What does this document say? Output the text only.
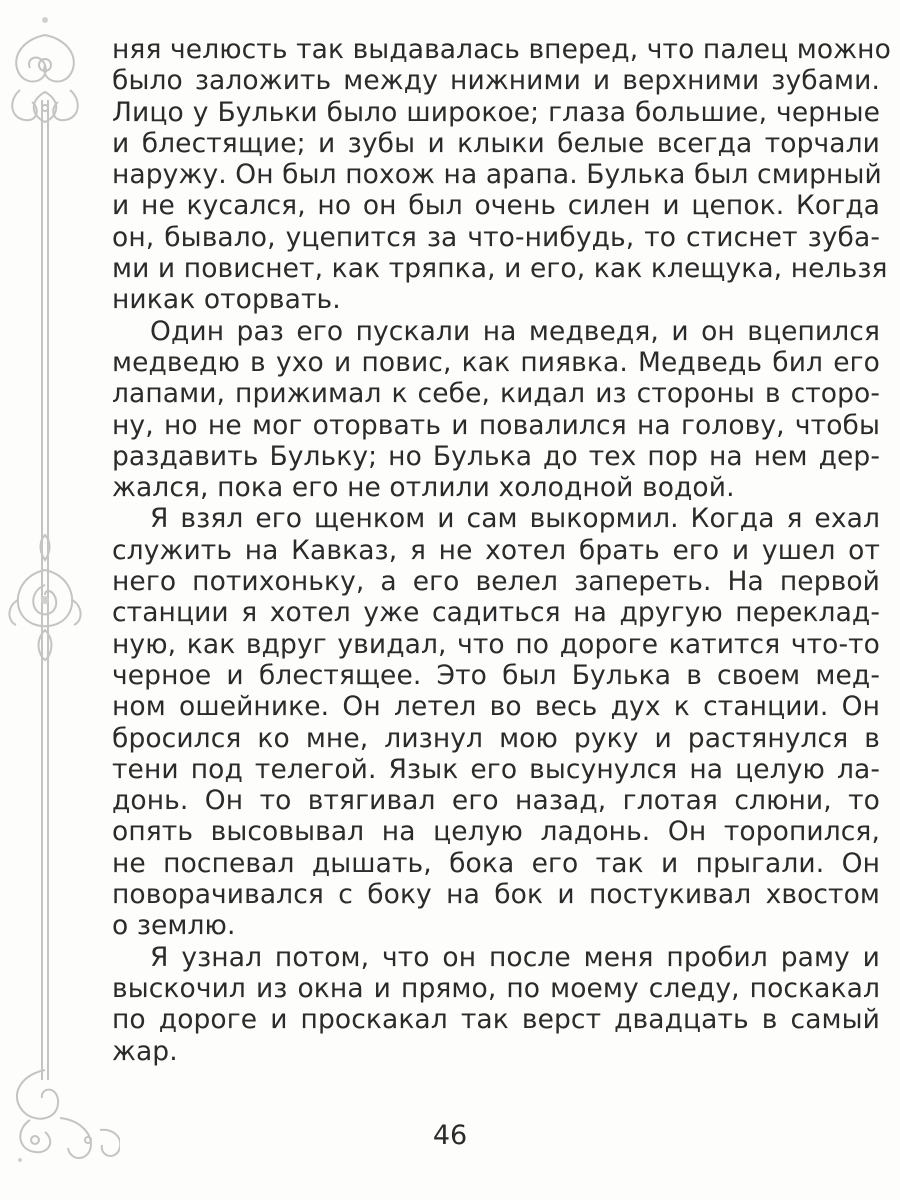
няя челюсть так выдавалась вперед, что палец можно
было заложить между нижними и верхними зубами.
Лицо у Бульки было широкое; глаза большие, черные
и блестящие; и зубы и клыки белые всегда торчали
наружу. Он был похож на арапа. Булька был смирный
и не кусался, но он был очень силен и цепок. Когда
он, бывало, уцепится за что-нибудь, то стиснет зуба-
ми и повиснет, как тряпка, и его, как клещука, нельзя
никак оторвать.
Один раз его пускали на медведя, и он вцепился
медведю в ухо и повис, как пиявка. Медведь бил его
лапами, прижимал к себе, кидал из стороны в сторо-
ну, но не мог оторвать и повалился на голову, чтобы
раздавить Бульку; но Булька до тех пор на нем дер-
жался, пока его не отлили холодной водой.
Я взял его щенком и сам выкормил. Когда я ехал
служить на Кавказ, я не хотел брать его и ушел от
него потихоньку, а его велел запереть. На первой
станции я хотел уже садиться на другую переклад-
ную, как вдруг увидал, что по дороге катится что-то
черное и блестящее. Это был Булька в своем мед-
ном ошейнике. Он летел во весь дух к станции. Он
бросился ко мне, лизнул мою руку и растянулся в
тени под телегой. Язык его высунулся на целую ла-
донь. Он то втягивал его назад, глотая слюни, то
опять высовывал на целую ладонь. Он торопился,
не поспевал дышать, бока его так и прыгали. Он
поворачивался с боку на бок и постукивал хвостом
о землю.
Я узнал потом, что он после меня пробил раму и
выскочил из окна и прямо, по моему следу, поскакал
по дороге и проскакал так верст двадцать в самый
жар.
46
